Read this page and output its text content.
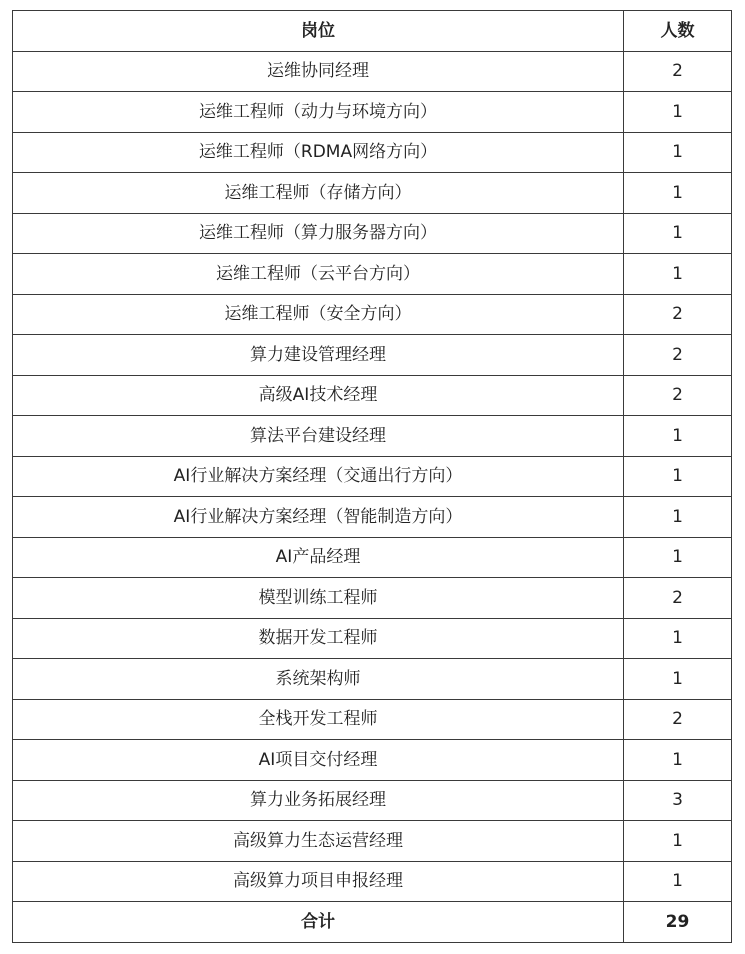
岗位	人数
运维协同经理	2
运维工程师（动力与环境方向）	1
运维工程师（RDMA网络方向）	1
运维工程师（存储方向）	1
运维工程师（算力服务器方向）	1
运维工程师（云平台方向）	1
运维工程师（安全方向）	2
算力建设管理经理	2
高级AI技术经理	2
算法平台建设经理	1
AI行业解决方案经理（交通出行方向）	1
AI行业解决方案经理（智能制造方向）	1
AI产品经理	1
模型训练工程师	2
数据开发工程师	1
系统架构师	1
全栈开发工程师	2
AI项目交付经理	1
算力业务拓展经理	3
高级算力生态运营经理	1
高级算力项目申报经理	1
合计	29
